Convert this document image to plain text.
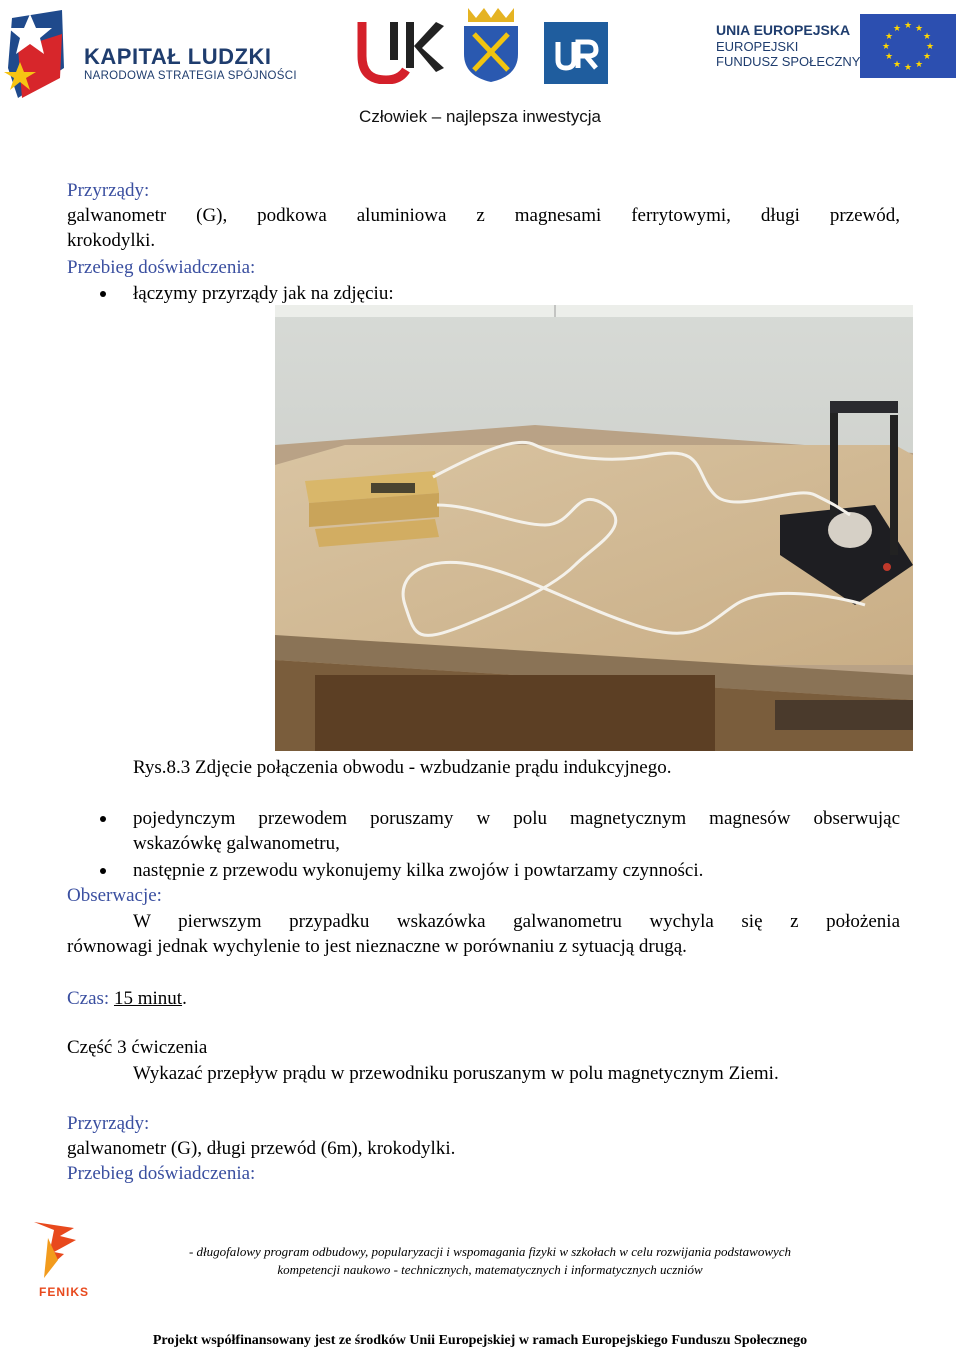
KAPITAŁ LUDZKI
NARODOWA STRATEGIA SPÓJNOŚCI
UNIA EUROPEJSKA
EUROPEJSKI
FUNDUSZ SPOŁECZNY
★ ★
★
★
★
★
★
★
★
★
★
★
Człowiek – najlepsza inwestycja
Przyrządy:
galwanometr (G), podkowa aluminiowa z magnesami ferrytowymi, długi przewód,
krokodylki.
Przebieg doświadczenia:
łączymy przyrządy jak na zdjęciu:
Rys.8.3 Zdjęcie połączenia obwodu - wzbudzanie prądu indukcyjnego.
pojedynczym przewodem poruszamy w polu magnetycznym magnesów obserwując
wskazówkę galwanometru,
następnie z przewodu wykonujemy kilka zwojów i powtarzamy czynności.
Obserwacje:
W pierwszym przypadku wskazówka galwanometru wychyla się z położenia
równowagi jednak wychylenie to jest nieznaczne w porównaniu z sytuacją drugą.
Czas: 15 minut.
Część 3 ćwiczenia
Wykazać przepływ prądu w przewodniku poruszanym w polu magnetycznym Ziemi.
Przyrządy:
galwanometr (G), długi przewód (6m), krokodylki.
Przebieg doświadczenia:
FENIKS
- długofalowy program odbudowy, popularyzacji i wspomagania fizyki w szkołach w celu rozwijania podstawowych
kompetencji naukowo - technicznych, matematycznych i informatycznych uczniów
Projekt współfinansowany jest ze środków Unii Europejskiej w ramach Europejskiego Funduszu Społecznego
